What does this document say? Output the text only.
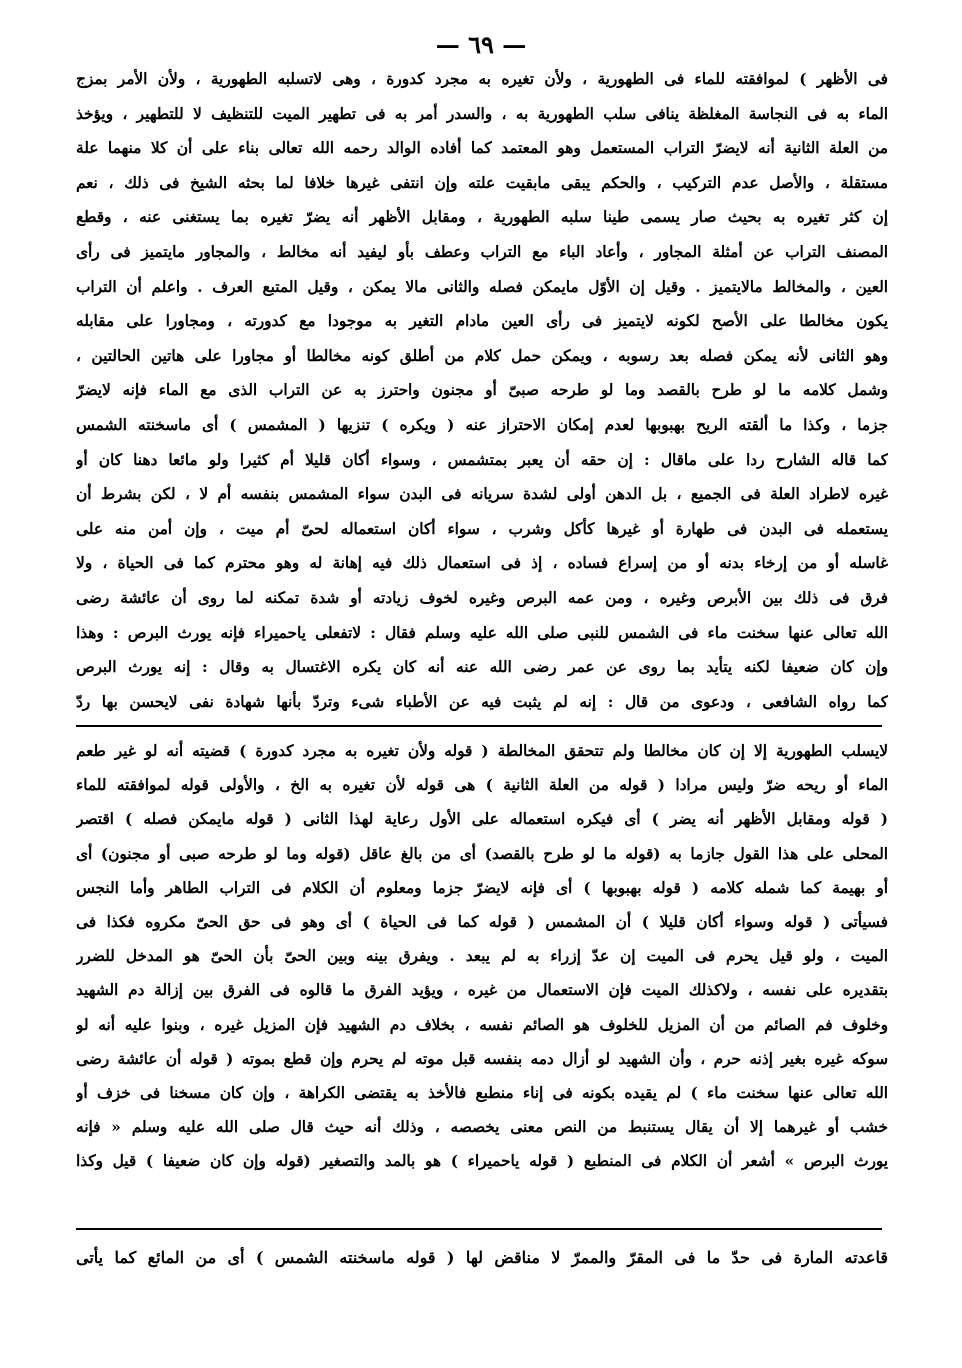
— ٦٩ —
فى الأظهر ) لموافقته للماء فى الطهورية ، ولأن تغيره به مجرد كدورة ، وهى لاتسلبه الطهورية ، ولأن الأمر بمزج
الماء به فى النجاسة المغلظة ينافى سلب الطهورية به ، والسدر أمر به فى تطهير الميت للتنظيف لا للتطهير ، ويؤخذ
من العلة الثانية أنه لايضرّ التراب المستعمل وهو المعتمد كما أفاده الوالد رحمه الله تعالى بناء على أن كلا منهما علة
مستقلة ، والأصل عدم التركيب ، والحكم يبقى مابقيت علته وإن انتفى غيرها خلافا لما بحثه الشيخ فى ذلك ، نعم
إن كثر تغيره به بحيث صار يسمى طينا سلبه الطهورية ، ومقابل الأظهر أنه يضرّ تغيره بما يستغنى عنه ، وقطع
المصنف التراب عن أمثلة المجاور ، وأعاد الباء مع التراب وعطف بأو ليفيد أنه مخالط ، والمجاور مايتميز فى رأى
العين ، والمخالط مالايتميز . وقيل إن الأوّل مايمكن فصله والثانى مالا يمكن ، وقيل المتبع العرف . واعلم أن التراب
يكون مخالطا على الأصح لكونه لايتميز فى رأى العين مادام التغير به موجودا مع كدورته ، ومجاورا على مقابله
وهو الثانى لأنه يمكن فصله بعد رسوبه ، ويمكن حمل كلام من أطلق كونه مخالطا أو مجاورا على هاتين الحالتين ،
وشمل كلامه ما لو طرح بالقصد وما لو طرحه صبىّ أو مجنون واحترز به عن التراب الذى مع الماء فإنه لايضرّ
جزما ، وكذا ما ألقته الريح بهبوبها لعدم إمكان الاحتراز عنه ( ويكره ) تنزيها ( المشمس ) أى ماسخنته الشمس
كما قاله الشارح ردا على ماقال : إن حقه أن يعبر بمتشمس ، وسواء أكان قليلا أم كثيرا ولو مائعا دهنا كان أو
غيره لاطراد العلة فى الجميع ، بل الدهن أولى لشدة سريانه فى البدن سواء المشمس بنفسه أم لا ، لكن بشرط أن
يستعمله فى البدن فى طهارة أو غيرها كأكل وشرب ، سواء أكان استعماله لحىّ أم ميت ، وإن أمن منه على
غاسله أو من إرخاء بدنه أو من إسراع فساده ، إذ فى استعمال ذلك فيه إهانة له وهو محترم كما فى الحياة ، ولا
فرق فى ذلك بين الأبرص وغيره ، ومن عمه البرص وغيره لخوف زيادته أو شدة تمكنه لما روى أن عائشة رضى
الله تعالى عنها سخنت ماء فى الشمس للنبى صلى الله عليه وسلم فقال : لاتفعلى ياحميراء فإنه يورث البرص : وهذا
وإن كان ضعيفا لكنه يتأيد بما روى عن عمر رضى الله عنه أنه كان يكره الاغتسال به وقال : إنه يورث البرص
كما رواه الشافعى ، ودعوى من قال : إنه لم يثبت فيه عن الأطباء شىء وتردّ بأنها شهادة نفى لايحسن بها ردّ
لايسلب الطهورية إلا إن كان مخالطا ولم تتحقق المخالطة ( قوله ولأن تغيره به مجرد كدورة ) قضيته أنه لو غير طعم
الماء أو ريحه ضرّ وليس مرادا ( قوله من العلة الثانية ) هى قوله لأن تغيره به الخ ، والأولى قوله لموافقته للماء
( قوله ومقابل الأظهر أنه يضر ) أى فيكره استعماله على الأول رعاية لهذا الثانى ( قوله مايمكن فصله ) اقتصر
المحلى على هذا القول جازما به (قوله ما لو طرح بالقصد) أى من بالغ عاقل (قوله وما لو طرحه صبى أو مجنون) أى
أو بهيمة كما شمله كلامه ( قوله بهبوبها ) أى فإنه لايضرّ جزما ومعلوم أن الكلام فى التراب الطاهر وأما النجس
فسيأتى ( قوله وسواء أكان قليلا ) أن المشمس ( قوله كما فى الحياة ) أى وهو فى حق الحىّ مكروه فكذا فى
الميت ، ولو قيل يحرم فى الميت إن عدّ إزراء به لم يبعد . ويفرق بينه وبين الحىّ بأن الحىّ هو المدخل للضرر
بتقديره على نفسه ، ولاكذلك الميت فإن الاستعمال من غيره ، ويؤيد الفرق ما قالوه فى الفرق بين إزالة دم الشهيد
وخلوف فم الصائم من أن المزيل للخلوف هو الصائم نفسه ، بخلاف دم الشهيد فإن المزيل غيره ، وبنوا عليه أنه لو
سوكه غيره بغير إذنه حرم ، وأن الشهيد لو أزال دمه بنفسه قبل موته لم يحرم وإن قطع بموته ( قوله أن عائشة رضى
الله تعالى عنها سخنت ماء ) لم يقيده بكونه فى إناء منطبع فالأخذ به يقتضى الكراهة ، وإن كان مسخنا فى خزف أو
خشب أو غيرهما إلا أن يقال يستنبط من النص معنى يخصصه ، وذلك أنه حيث قال صلى الله عليه وسلم « فإنه
يورث البرص » أشعر أن الكلام فى المنطبع ( قوله ياحميراء ) هو بالمد والتصغير (قوله وإن كان ضعيفا ) قيل وكذا
قاعدته المارة فى حدّ ما فى المقرّ والممرّ لا مناقض لها ( قوله ماسخنته الشمس ) أى من المائع كما يأتى
